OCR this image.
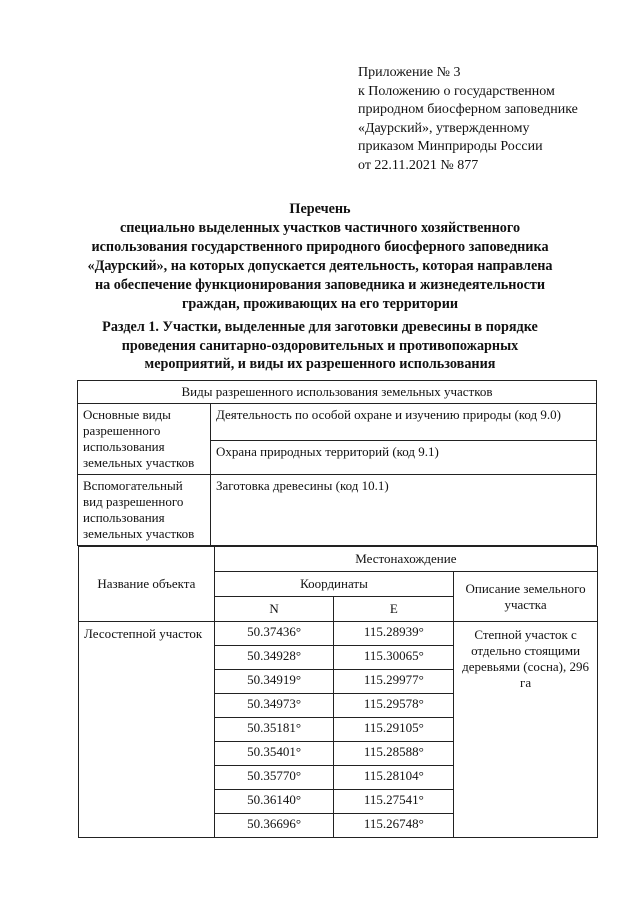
Приложение № 3
к Положению о государственном
природном биосферном заповеднике
«Даурский», утвержденному
приказом Минприроды России
от 22.11.2021 № 877
Перечень
специально выделенных участков частичного хозяйственного
использования государственного природного биосферного заповедника
«Даурский», на которых допускается деятельность, которая направлена
на обеспечение функционирования заповедника и жизнедеятельности
граждан, проживающих на его территории
Раздел 1. Участки, выделенные для заготовки древесины в порядке
проведения санитарно-оздоровительных и противопожарных
мероприятий, и виды их разрешенного использования
Виды разрешенного использования земельных участков	
Основные виды разрешенного использования земельных участков	Деятельность по особой охране и изучению природы (код 9.0)
	Охрана природных территорий (код 9.1)
Вспомогательный вид разрешенного использования земельных участков	Заготовка древесины (код 10.1)
Название объекта	Местонахождение		
	Координаты		Описание земельного участка
	N	E	
Лесостепной участок	50.37436°	115.28939°	Степной участок с отдельно стоящими деревьями (сосна), 296 га
	50.34928°	115.30065°	
	50.34919°	115.29977°	
	50.34973°	115.29578°	
	50.35181°	115.29105°	
	50.35401°	115.28588°	
	50.35770°	115.28104°	
	50.36140°	115.27541°	
	50.36696°	115.26748°	
